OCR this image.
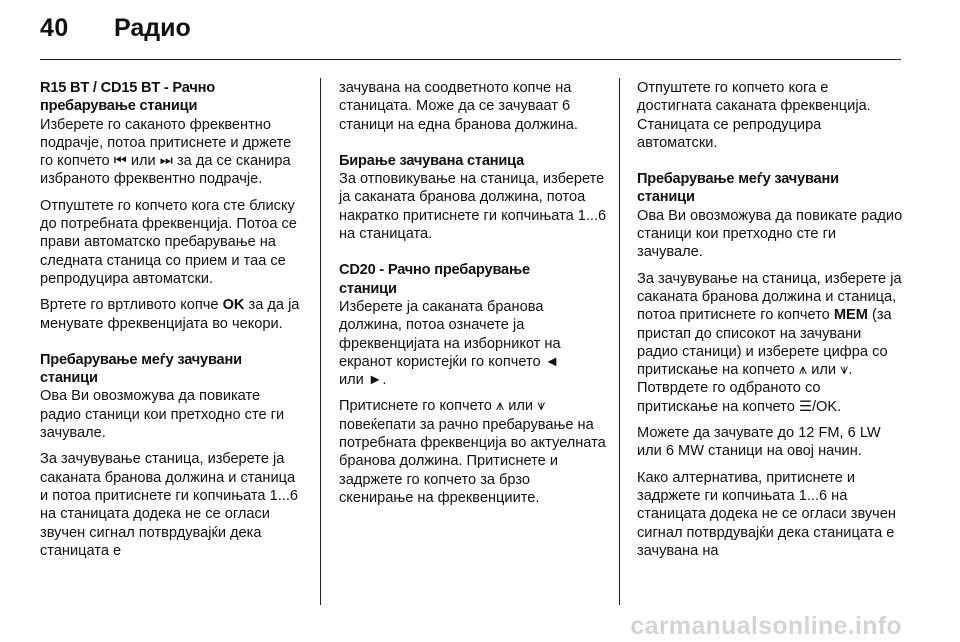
40 Радио
R15 BT / CD15 BT - Рачно
пребарување станици

Изберете го саканото фреквентно подрачје, потоа притиснете и држете го копчето ⏮ или ⏭ за да се сканира избраното фреквентно подрачје.

Отпуштете го копчето кога сте блиску до потребната фреквенција. Потоа се прави автоматско пребарување на следната станица со прием и таа се репродуцира автоматски.

Вртете го вртливото копче OK за да ја менувате фреквенцијата во чекори.

Пребарување меѓу зачувани
станици

Ова Ви овозможува да повикате радио станици кои претходно сте ги зачувале.

За зачувување станица, изберете ја саканата бранова должина и станица и потоа притиснете ги копчињата 1...6 на станицата додека не се огласи звучен сигнал потврдувајќи дека станицата е

зачувана на соодветното копче на станицата. Може да се зачуваат 6 станици на една бранова должина.

Бирање зачувана станица

За отповикување на станица, изберете ја саканата бранова должина, потоа накратко притиснете ги копчињата 1...6 на станицата.

CD20 - Рачно пребарување
станици

Изберете ја саканата бранова должина, потоа означете ја фреквенцијата на изборникот на екранот користејќи го копчето ◄
или ►.

Притиснете го копчето ⩚ или ⩛ повеќепати за рачно пребарување на потребната фреквенција во актуелната бранова должина. Притиснете и задржете го копчето за брзо скенирање на фреквенциите.

Отпуштете го копчето кога е достигната саканата фреквенција. Станицата се репродуцира автоматски.

Пребарување меѓу зачувани
станици

Ова Ви овозможува да повикате радио станици кои претходно сте ги зачувале.

За зачувување на станица, изберете ја саканата бранова должина и станица, потоа притиснете го копчето MEM (за пристап до списокот на зачувани радио станици) и изберете цифра со притискање на копчето ⩚ или ⩛. Потврдете го одбраното со притискање на копчето ☰/OK.

Можете да зачувате до 12 FM, 6 LW или 6 MW станици на овој начин.

Како алтернатива, притиснете и задржете ги копчињата 1...6 на станицата додека не се огласи звучен сигнал потврдувајќи дека станицата е зачувана на

carmanualsonline.info
